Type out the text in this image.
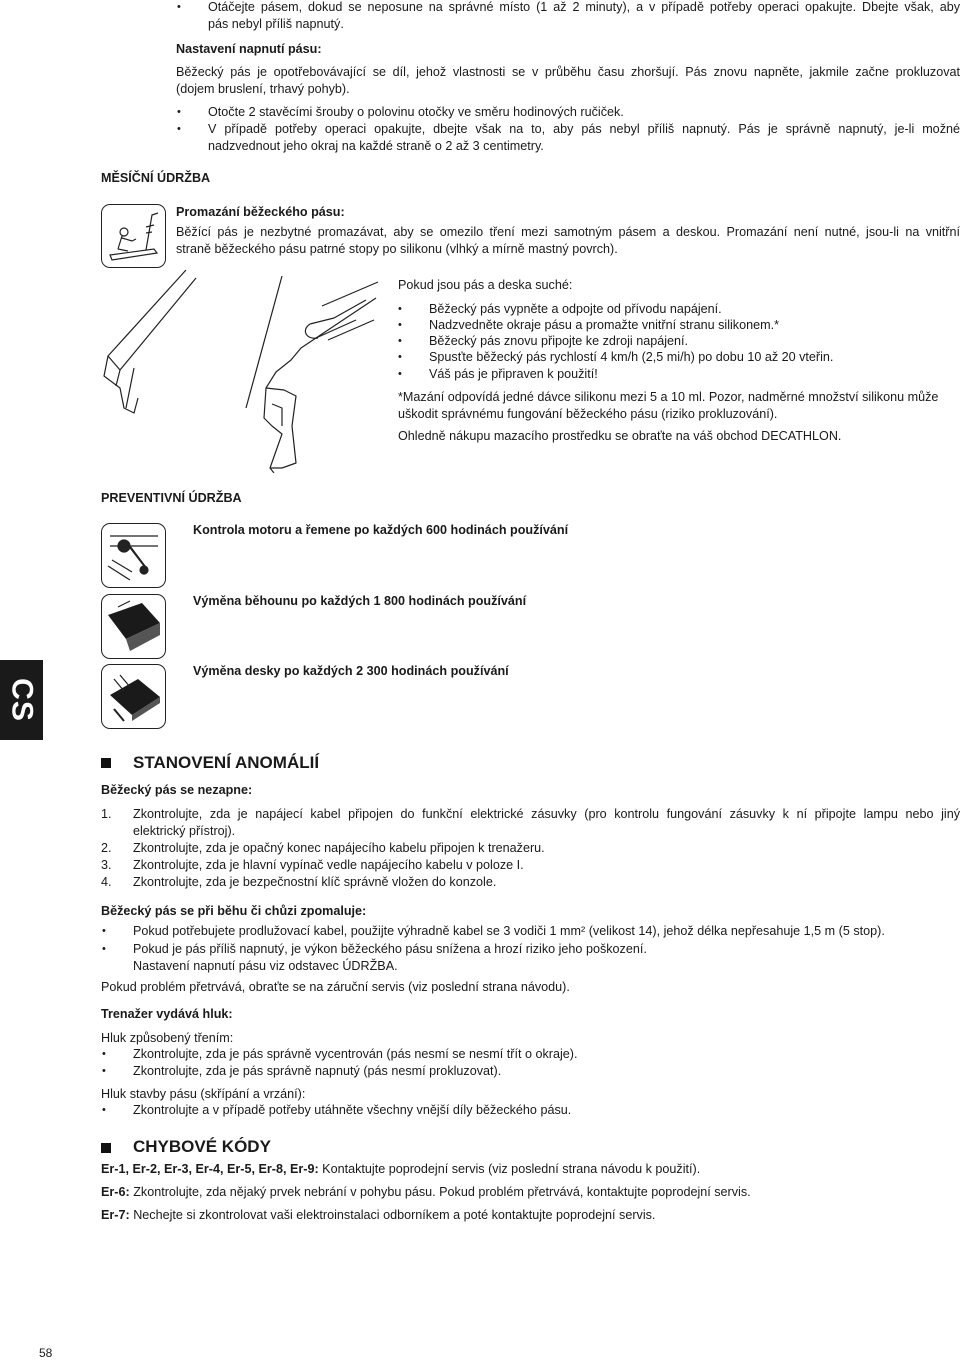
• Otáčejte pásem, dokud se neposune na správné místo (1 až 2 minuty), a v případě potřeby operaci opakujte. Dbejte však, aby

pás nebyl příliš napnutý.

Nastavení napnutí pásu:

Běžecký pás je opotřebovávající se díl, jehož vlastnosti se v průběhu času zhoršují. Pás znovu napněte, jakmile začne prokluzovat

(dojem bruslení, trhavý pohyb).

• Otočte 2 stavěcími šrouby o polovinu otočky ve směru hodinových ručiček.

• V případě potřeby operaci opakujte, dbejte však na to, aby pás nebyl příliš napnutý. Pás je správně napnutý, je-li možné

nadzvednout jeho okraj na každé straně o 2 až 3 centimetry.

MĚSÍČNÍ ÚDRŽBA
Promazání běžeckého pásu:

Běžící pás je nezbytné promazávat, aby se omezilo tření mezi samotným pásem a deskou. Promazání není nutné, jsou-li na vnitřní

straně běžeckého pásu patrné stopy po silikonu (vlhký a mírně mastný povrch).

Pokud jsou pás a deska suché:
• Běžecký pás vypněte a odpojte od přívodu napájení.
• Nadzvedněte okraje pásu a promažte vnitřní stranu silikonem.*
• Běžecký pás znovu připojte ke zdroji napájení.
• Spusťte běžecký pás rychlostí 4 km/h (2,5 mi/h) po dobu 10 až 20 vteřin.
• Váš pás je připraven k použití!

*Mazání odpovídá jedné dávce silikonu mezi 5 a 10 ml. Pozor, nadměrné množství silikonu může

uškodit správnému fungování běžeckého pásu (riziko prokluzování).

Ohledně nákupu mazacího prostředku se obraťte na váš obchod DECATHLON.
PREVENTIVNÍ ÚDRŽBA
Kontrola motoru a řemene po každých 600 hodinách používání
Výměna běhounu po každých 1 800 hodinách používání
Výměna desky po každých 2 300 hodinách používání
CS
STANOVENÍ ANOMÁLIÍ
Běžecký pás se nezapne:
1. Zkontrolujte, zda je napájecí kabel připojen do funkční elektrické zásuvky (pro kontrolu fungování zásuvky k ní připojte lampu nebo jiný

elektrický přístroj).

2. Zkontrolujte, zda je opačný konec napájecího kabelu připojen k trenažeru.
3. Zkontrolujte, zda je hlavní vypínač vedle napájecího kabelu v poloze I.
4. Zkontrolujte, zda je bezpečnostní klíč správně vložen do konzole.
Běžecký pás se při běhu či chůzi zpomaluje:
• Pokud potřebujete prodlužovací kabel, použijte výhradně kabel se 3 vodiči 1 mm² (velikost 14), jehož délka nepřesahuje 1,5 m (5 stop).

• Pokud je pás příliš napnutý, je výkon běžeckého pásu snížena a hrozí riziko jeho poškození.

Nastavení napnutí pásu viz odstavec ÚDRŽBA.

Pokud problém přetrvává, obraťte se na záruční servis (viz poslední strana návodu).
Trenažer vydává hluk:
Hluk způsobený třením:
• Zkontrolujte, zda je pás správně vycentrován (pás nesmí se nesmí třít o okraje).
• Zkontrolujte, zda je pás správně napnutý (pás nesmí prokluzovat).
Hluk stavby pásu (skřípání a vrzání):
• Zkontrolujte a v případě potřeby utáhněte všechny vnější díly běžeckého pásu.
CHYBOVÉ KÓDY
Er-1, Er-2, Er-3, Er-4, Er-5, Er-8, Er-9: Kontaktujte poprodejní servis (viz poslední strana návodu k použití).
Er-6: Zkontrolujte, zda nějaký prvek nebrání v pohybu pásu. Pokud problém přetrvává, kontaktujte poprodejní servis.
Er-7: Nechejte si zkontrolovat vaši elektroinstalaci odborníkem a poté kontaktujte poprodejní servis.
58
